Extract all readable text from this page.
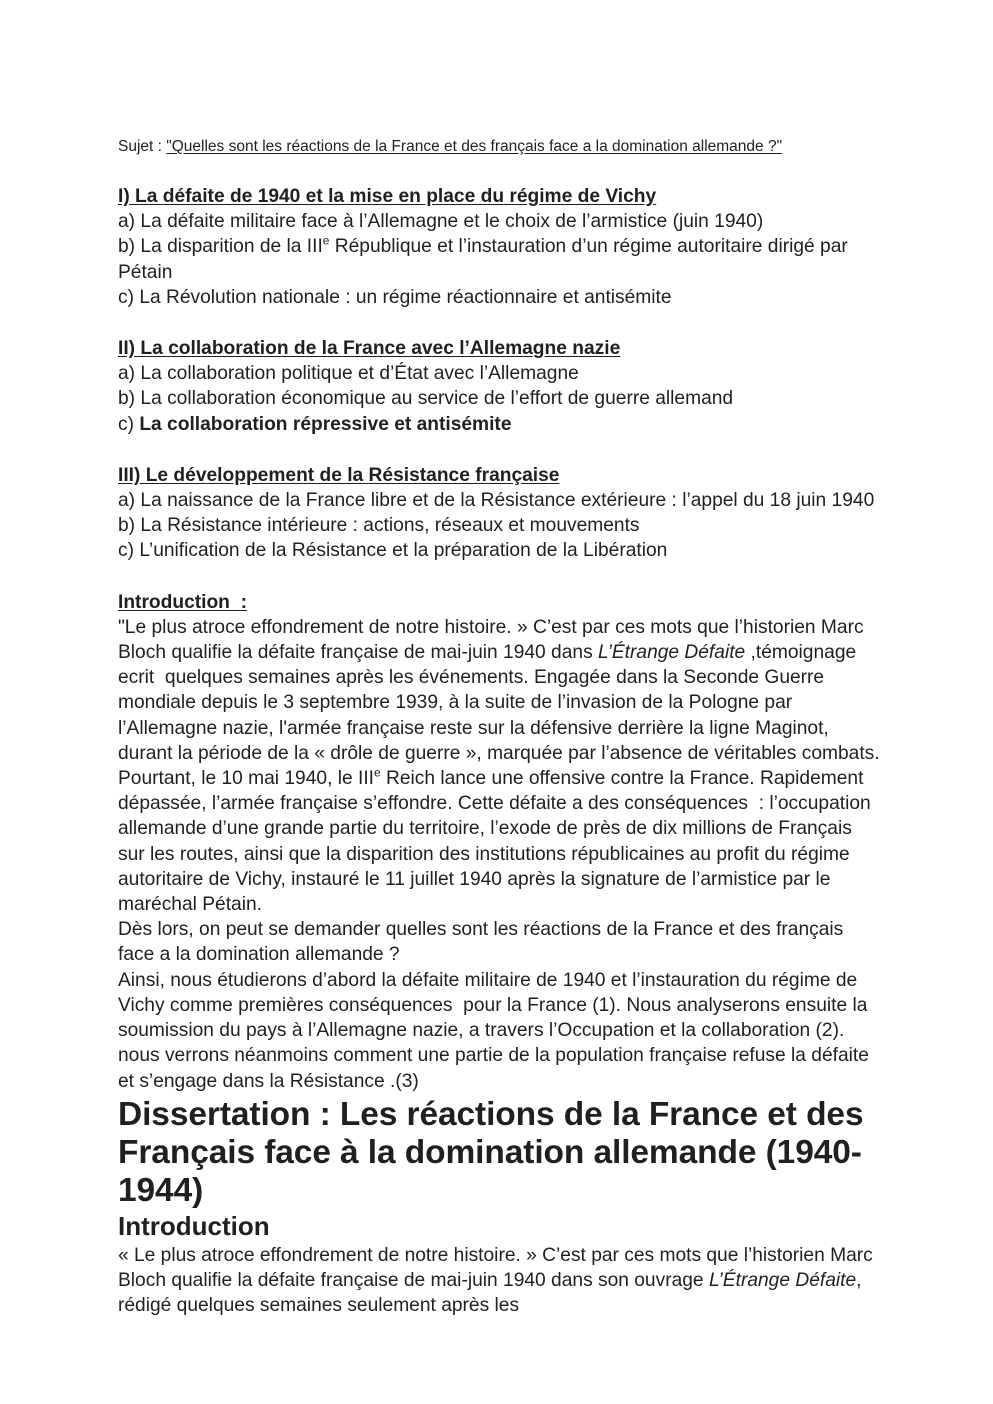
Sujet : "Quelles sont les réactions de la France et des français face a la domination allemande ?"
I) La défaite de 1940 et la mise en place du régime de Vichy
a) La défaite militaire face à l’Allemagne et le choix de l’armistice (juin 1940)
b) La disparition de la IIIe République et l’instauration d’un régime autoritaire dirigé par Pétain
c) La Révolution nationale : un régime réactionnaire et antisémite
II) La collaboration de la France avec l’Allemagne nazie
a) La collaboration politique et d’État avec l’Allemagne
b) La collaboration économique au service de l’effort de guerre allemand
c) La collaboration répressive et antisémite
III) Le développement de la Résistance française
a) La naissance de la France libre et de la Résistance extérieure : l’appel du 18 juin 1940
b) La Résistance intérieure : actions, réseaux et mouvements
c) L’unification de la Résistance et la préparation de la Libération
Introduction  :

"Le plus atroce effondrement de notre histoire. » C’est par ces mots que l’historien Marc Bloch qualifie la défaite française de mai-juin 1940 dans L’Étrange Défaite ,témoignage ecrit  quelques semaines après les événements. Engagée dans la Seconde Guerre mondiale depuis le 3 septembre 1939, à la suite de l’invasion de la Pologne par l’Allemagne nazie, l'armée française reste sur la défensive derrière la ligne Maginot, durant la période de la « drôle de guerre », marquée par l’absence de véritables combats.

Pourtant, le 10 mai 1940, le IIIe Reich lance une offensive contre la France. Rapidement dépassée, l’armée française s’effondre. Cette défaite a des conséquences  : l’occupation allemande d’une grande partie du territoire, l’exode de près de dix millions de Français sur les routes, ainsi que la disparition des institutions républicaines au profit du régime autoritaire de Vichy, instauré le 11 juillet 1940 après la signature de l’armistice par le maréchal Pétain.

Dès lors, on peut se demander quelles sont les réactions de la France et des français face a la domination allemande ?

Ainsi, nous étudierons d’abord la défaite militaire de 1940 et l’instauration du régime de Vichy comme premières conséquences  pour la France (1). Nous analyserons ensuite la soumission du pays à l’Allemagne nazie, a travers l’Occupation et la collaboration (2). nous verrons néanmoins comment une partie de la population française refuse la défaite et s’engage dans la Résistance .(3)

Dissertation : Les réactions de la France et des Français face à la domination allemande (1940-1944)
Introduction

« Le plus atroce effondrement de notre histoire. » C’est par ces mots que l’historien Marc Bloch qualifie la défaite française de mai-juin 1940 dans son ouvrage L’Étrange Défaite, rédigé quelques semaines seulement après les
